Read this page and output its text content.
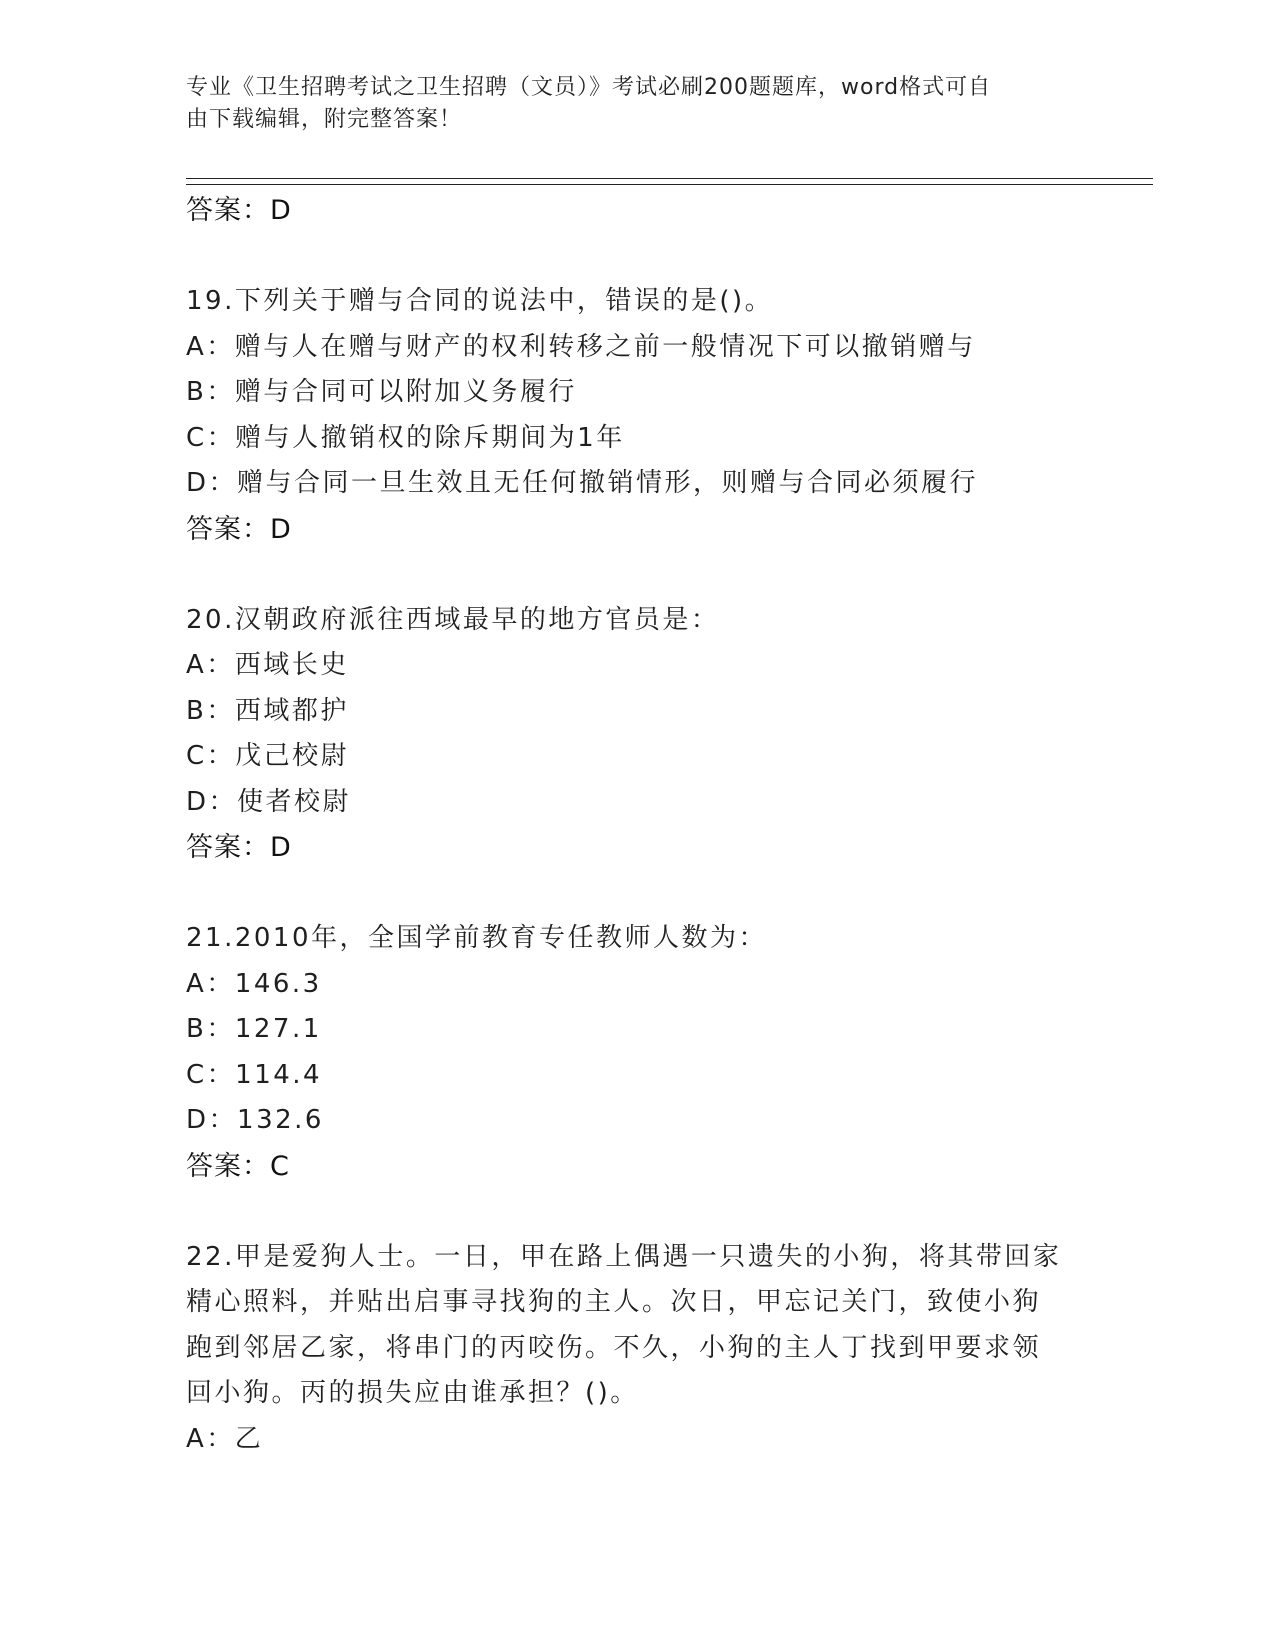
专业《卫生招聘考试之卫生招聘（文员）》考试必刷200题题库，word格式可自
由下载编辑，附完整答案！
答案：D
19.下列关于赠与合同的说法中，错误的是()。
A：赠与人在赠与财产的权利转移之前一般情况下可以撤销赠与
B：赠与合同可以附加义务履行
C：赠与人撤销权的除斥期间为1年
D：赠与合同一旦生效且无任何撤销情形，则赠与合同必须履行
答案：D
20.汉朝政府派往西域最早的地方官员是：
A：西域长史
B：西域都护
C：戊己校尉
D：使者校尉
答案：D
21.2010年，全国学前教育专任教师人数为：
A：146.3
B：127.1
C：114.4
D：132.6
答案：C
22.甲是爱狗人士。一日，甲在路上偶遇一只遗失的小狗，将其带回家
精心照料，并贴出启事寻找狗的主人。次日，甲忘记关门，致使小狗
跑到邻居乙家，将串门的丙咬伤。不久，小狗的主人丁找到甲要求领
回小狗。丙的损失应由谁承担？()。
A：乙
